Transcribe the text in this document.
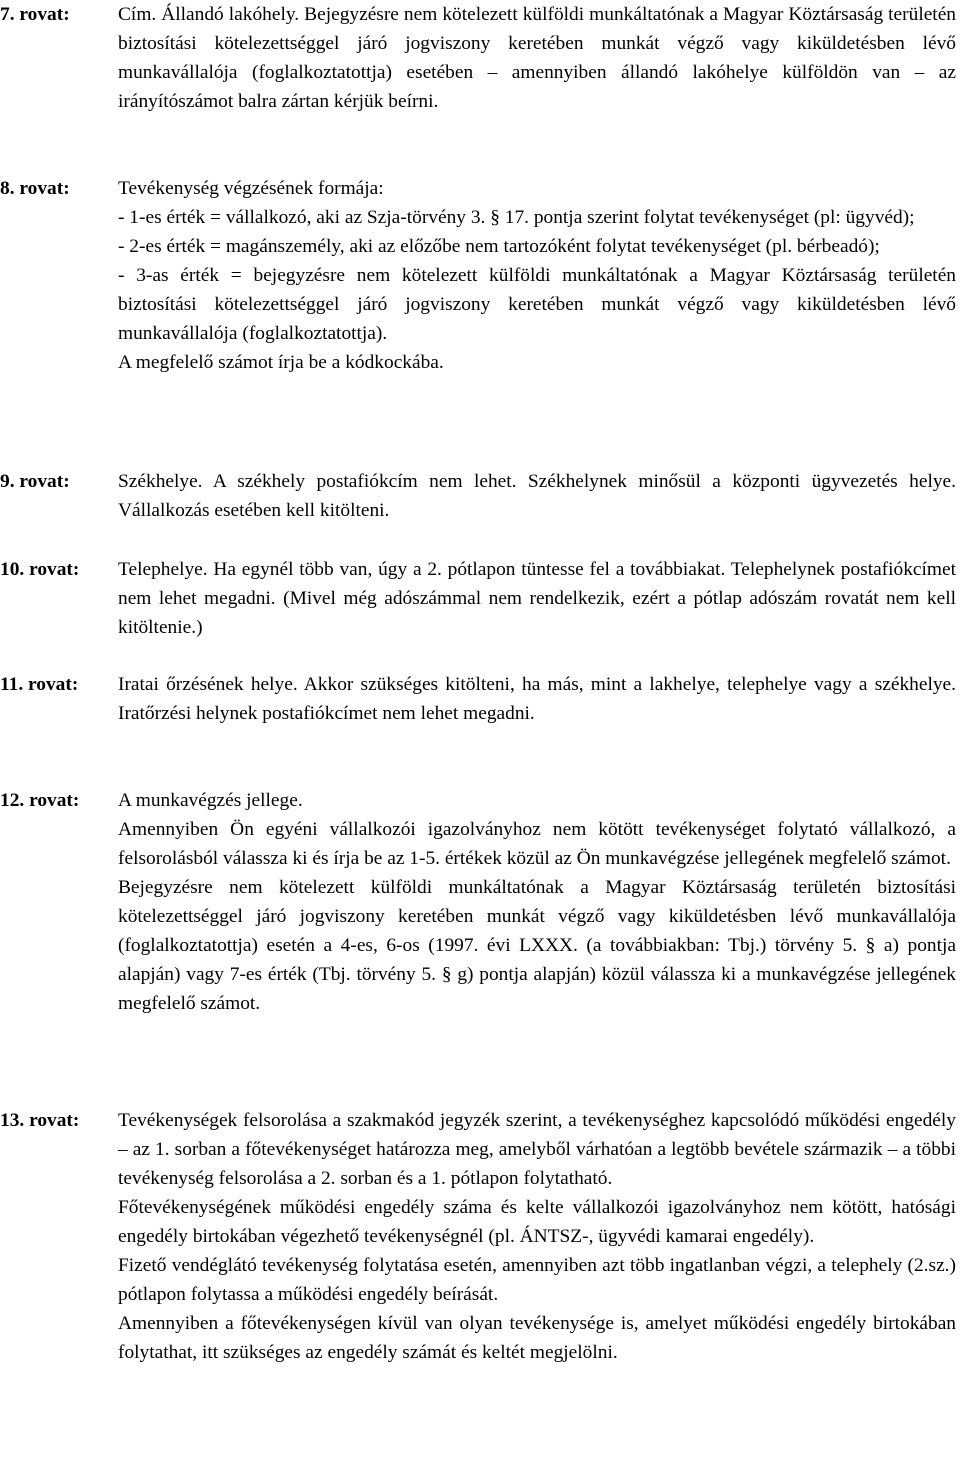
7. rovat:	Cím. Állandó lakóhely. Bejegyzésre nem kötelezett külföldi munkáltatónak a Magyar Köztársaság területén biztosítási kötelezettséggel járó jogviszony keretében munkát végző vagy kiküldetésben lévő munkavállalója (foglalkoztatottja) esetében – amennyiben állandó lakóhelye külföldön van – az irányítószámot balra zártan kérjük beírni.

8. rovat:	Tevékenység végzésének formája:

- 1-es érték = vállalkozó, aki az Szja-törvény 3. § 17. pontja szerint folytat tevékenységet (pl: ügyvéd);

- 2-es érték = magánszemély, aki az előzőbe nem tartozóként folytat tevékenységet (pl. bérbeadó);

- 3-as érték = bejegyzésre nem kötelezett külföldi munkáltatónak a Magyar Köztársaság területén biztosítási kötelezettséggel járó jogviszony keretében munkát végző vagy kiküldetésben lévő munkavállalója (foglalkoztatottja).

A megfelelő számot írja be a kódkockába.

9. rovat:	Székhelye. A székhely postafiókcím nem lehet. Székhelynek minősül a központi ügyvezetés helye. Vállalkozás esetében kell kitölteni.

10. rovat:	Telephelye. Ha egynél több van, úgy a 2. pótlapon tüntesse fel a továbbiakat. Telephelynek postafiókcímet nem lehet megadni. (Mivel még adószámmal nem rendelkezik, ezért a pótlap adószám rovatát nem kell kitöltenie.)

11. rovat:	Iratai őrzésének helye. Akkor szükséges kitölteni, ha más, mint a lakhelye, telephelye vagy a székhelye. Iratőrzési helynek postafiókcímet nem lehet megadni.

12. rovat:	A munkavégzés jellege.

Amennyiben Ön egyéni vállalkozói igazolványhoz nem kötött tevékenységet folytató vállalkozó, a felsorolásból válassza ki és írja be az 1-5. értékek közül az Ön munkavégzése jellegének megfelelő számot.

Bejegyzésre nem kötelezett külföldi munkáltatónak a Magyar Köztársaság területén biztosítási kötelezettséggel járó jogviszony keretében munkát végző vagy kiküldetésben lévő munkavállalója (foglalkoztatottja) esetén a 4-es, 6-os (1997. évi LXXX. (a továbbiakban: Tbj.) törvény 5. § a) pontja alapján) vagy 7-es érték (Tbj. törvény 5. § g) pontja alapján) közül válassza ki a munkavégzése jellegének megfelelő számot.

13. rovat:	Tevékenységek felsorolása a szakmakód jegyzék szerint, a tevékenységhez kapcsolódó működési engedély – az 1. sorban a főtevékenységet határozza meg, amelyből várhatóan a legtöbb bevétele származik – a többi tevékenység felsorolása a 2. sorban és a 1. pótlapon folytatható.

Főtevékenységének működési engedély száma és kelte vállalkozói igazolványhoz nem kötött, hatósági engedély birtokában végezhető tevékenységnél (pl. ÁNTSZ-, ügyvédi kamarai engedély).

Fizető vendéglátó tevékenység folytatása esetén, amennyiben azt több ingatlanban végzi, a telephely (2.sz.) pótlapon folytassa a működési engedély beírását.

Amennyiben a főtevékenységen kívül van olyan tevékenysége is, amelyet működési engedély birtokában folytathat, itt szükséges az engedély számát és keltét megjelölni.
